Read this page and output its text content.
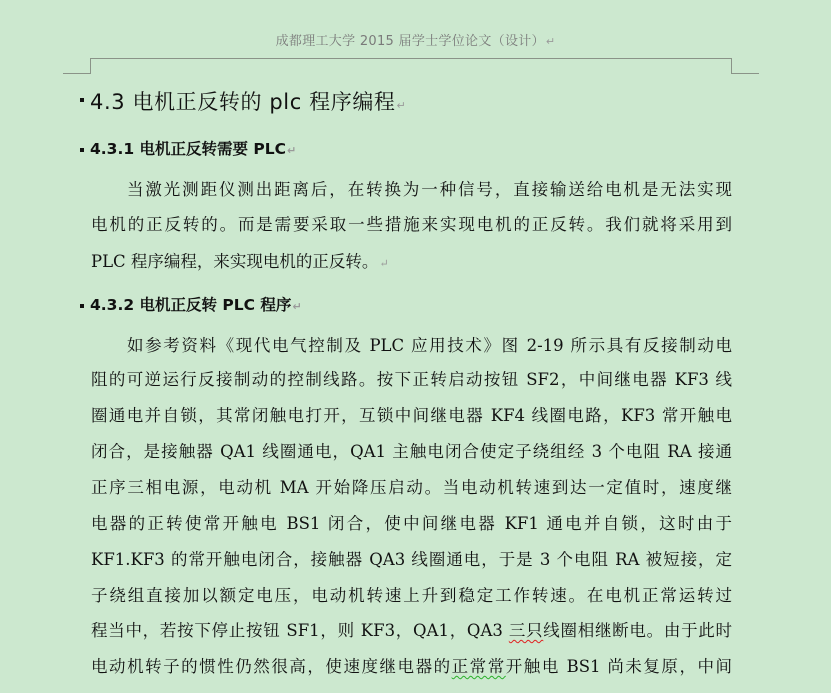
成都理工大学 2015 届学士学位论文（设计）↵
4.3 电机正反转的 plc 程序编程↵
4.3.1 电机正反转需要 PLC↵
当激光测距仪测出距离后，在转换为一种信号，直接输送给电机是无法实现
电机的正反转的。而是需要采取一些措施来实现电机的正反转。我们就将采用到
PLC 程序编程，来实现电机的正反转。↵
4.3.2 电机正反转 PLC 程序↵
如参考资料《现代电气控制及 PLC 应用技术》图 2-19 所示具有反接制动电
阻的可逆运行反接制动的控制线路。按下正转启动按钮 SF2，中间继电器 KF3 线
圈通电并自锁，其常闭触电打开，互锁中间继电器 KF4 线圈电路，KF3 常开触电
闭合，是接触器 QA1 线圈通电，QA1 主触电闭合使定子绕组经 3 个电阻 RA 接通
正序三相电源，电动机 MA 开始降压启动。当电动机转速到达一定值时，速度继
电器的正转使常开触电 BS1 闭合，使中间继电器 KF1 通电并自锁，这时由于
KF1.KF3 的常开触电闭合，接触器 QA3 线圈通电，于是 3 个电阻 RA 被短接，定
子绕组直接加以额定电压，电动机转速上升到稳定工作转速。在电机正常运转过
程当中，若按下停止按钮 SF1，则 KF3，QA1，QA3 三只线圈相继断电。由于此时
电动机转子的惯性仍然很高，使速度继电器的正常常开触电 BS1 尚未复原，中间
